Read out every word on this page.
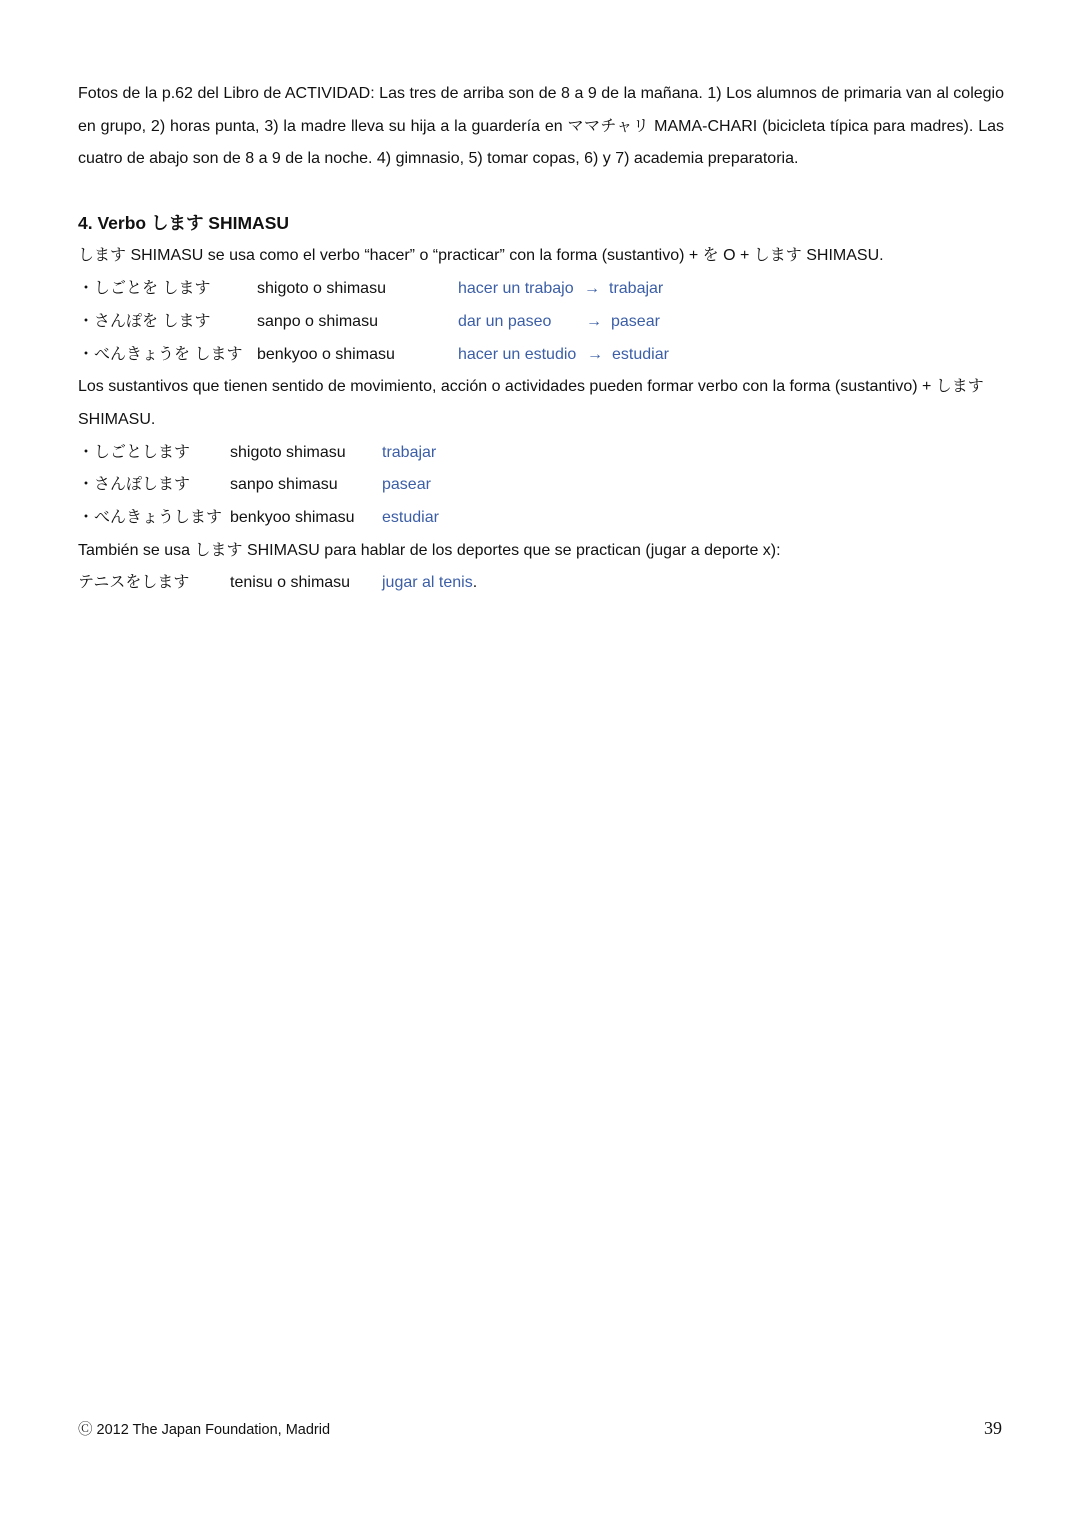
Fotos de la p.62 del Libro de ACTIVIDAD: Las tres de arriba son de 8 a 9 de la mañana. 1) Los alumnos de primaria van al colegio en grupo, 2) horas punta, 3) la madre lleva su hija a la guardería en ママチャリ MAMA-CHARI (bicicleta típica para madres). Las cuatro de abajo son de 8 a 9 de la noche. 4) gimnasio, 5) tomar copas, 6) y 7) academia preparatoria.
4. Verbo します SHIMASU
します SHIMASU se usa como el verbo “hacer” o “practicar” con la forma (sustantivo) + を O + します SHIMASU.
・しごとを します	shigoto o shimasu	hacer un trabajo → trabajar
・さんぽを します	sanpo o shimasu	dar un paseo → pasear
・べんきょうを します benkyoo o shimasu	hacer un estudio → estudiar
Los sustantivos que tienen sentido de movimiento, acción o actividades pueden formar verbo con la forma (sustantivo) + します
SHIMASU.
・しごとします shigoto shimasu trabajar
・さんぽします sanpo shimasu	pasear
・べんきょうします benkyoo shimasu estudiar
También se usa します SHIMASU para hablar de los deportes que se practican (jugar a deporte x):
テニスをします	tenisu o shimasu jugar al tenis.
Ⓒ 2012 The Japan Foundation, Madrid	39
